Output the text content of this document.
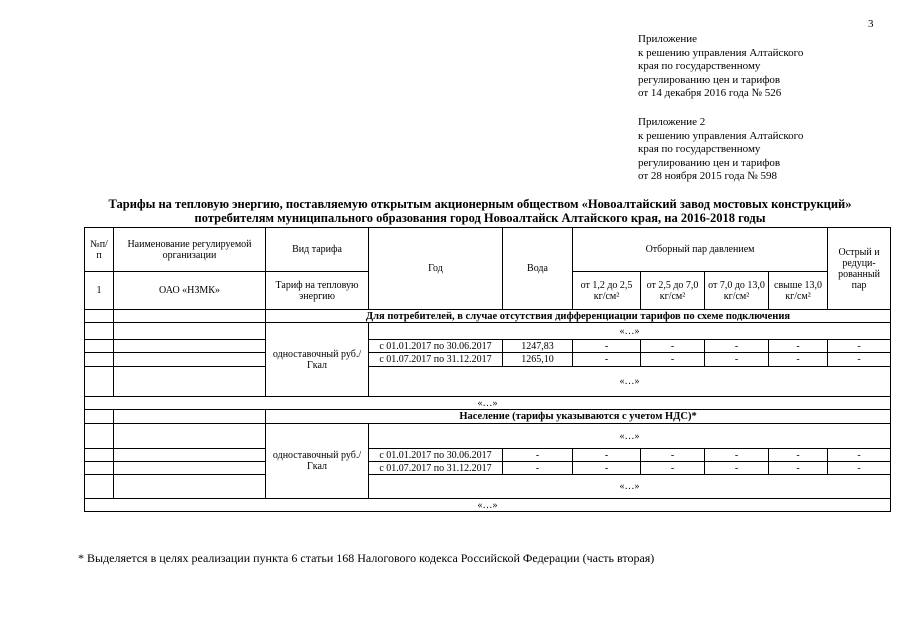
3
Приложение
к решению управления Алтайского
края по государственному
регулированию цен и тарифов
от 14 декабря 2016 года № 526
Приложение 2
к решению управления Алтайского
края по государственному
регулированию цен и тарифов
от 28 ноября 2015 года № 598
Тарифы на тепловую энергию, поставляемую открытым акционерным обществом «Новоалтайский завод мостовых конструкций»
потребителям муниципального образования город Новоалтайск Алтайского края, на 2016-2018 годы
№п/п	Наименование регулируемой организации	Вид тарифа	Год	Вода	Отборный пар давлением				Острый и редуци-рованный пар
1	ОАО «НЗМК»	Тариф на тепловую энергию			от 1,2 до 2,5 кг/см²	от 2,5 до 7,0 кг/см²	от 7,0 до 13,0 кг/см²	свыше 13,0 кг/см²	
		Для потребителей, в случае отсутствия дифференциации тарифов по схеме подключения							
		одноставочный руб./Гкал	«…»						
			с 01.01.2017 по 30.06.2017	1247,83	-	-	-	-	-
			с 01.07.2017 по 31.12.2017	1265,10	-	-	-	-	-
			«…»						
«…»									
		Население (тарифы указываются с учетом НДС)*							
		одноставочный руб./Гкал	«…»						
			с 01.01.2017 по 30.06.2017	-	-	-	-	-	-
			с 01.07.2017 по 31.12.2017	-	-	-	-	-	-
			«…»						
«…»									
* Выделяется в целях реализации пункта 6 статьи 168 Налогового кодекса Российской Федерации (часть вторая)
